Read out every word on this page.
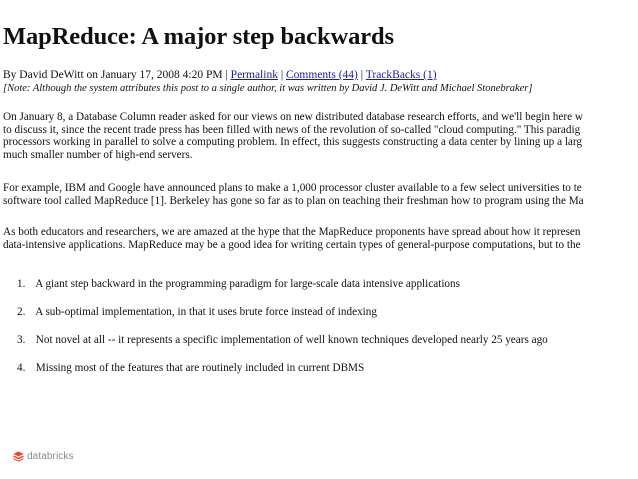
MapReduce: A major step backwards
By David DeWitt on January 17, 2008 4:20 PM | Permalink | Comments (44) | TrackBacks (1)
[Note: Although the system attributes this post to a single author, it was written by David J. DeWitt and Michael Stonebraker]
On January 8, a Database Column reader asked for our views on new distributed database research efforts, and we'll begin here w
to discuss it, since the recent trade press has been filled with news of the revolution of so-called "cloud computing." This paradig
processors working in parallel to solve a computing problem. In effect, this suggests constructing a data center by lining up a larg
much smaller number of high-end servers.
For example, IBM and Google have announced plans to make a 1,000 processor cluster available to a few select universities to te
software tool called MapReduce [1]. Berkeley has gone so far as to plan on teaching their freshman how to program using the Ma
As both educators and researchers, we are amazed at the hype that the MapReduce proponents have spread about how it represen
data-intensive applications. MapReduce may be a good idea for writing certain types of general-purpose computations, but to the
1. A giant step backward in the programming paradigm for large-scale data intensive applications
2. A sub-optimal implementation, in that it uses brute force instead of indexing
3. Not novel at all -- it represents a specific implementation of well known techniques developed nearly 25 years ago
4. Missing most of the features that are routinely included in current DBMS
databricks
